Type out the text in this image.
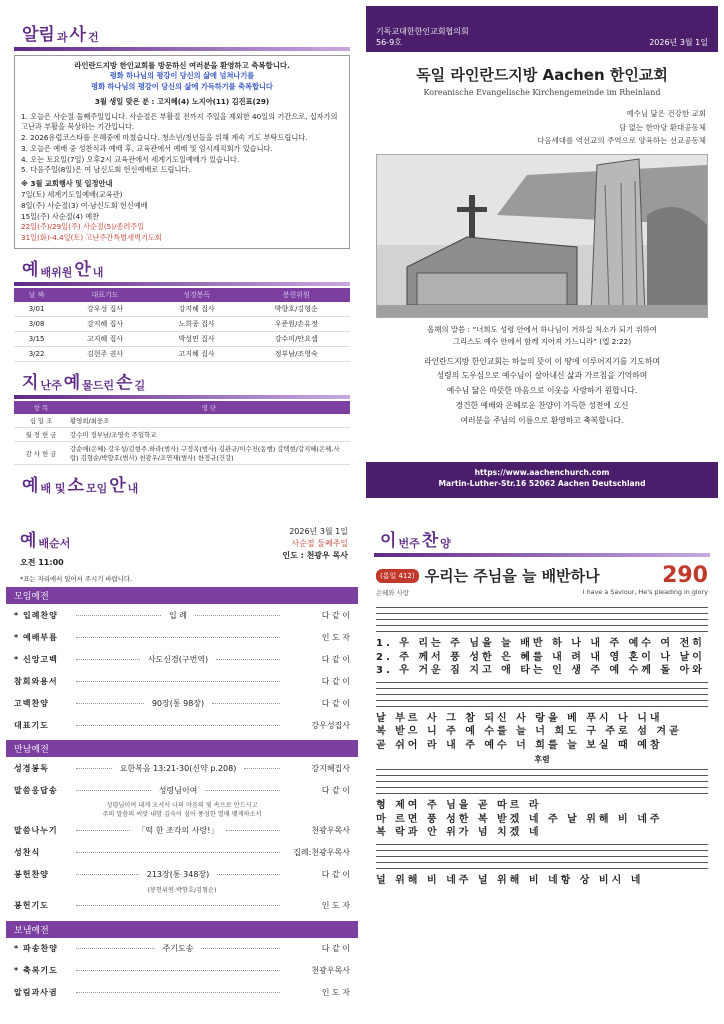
알림 과 사 건
라인란드지방 한인교회를 방문하신 여러분을 환영하고 축복합니다.
평화 하나님의 평강이 당신의 삶에 넘쳐나기를
평화 하나님의 평강이 당신의 삶에 가득하기를 축복합니다
3월 생일 맞은 분 : 고지혜(4) 노지아(11) 김진표(29)
1. 오늘은 사순절 둘째주일입니다. 사순절은 부활절 전까지 주일을 제외한 40일의 기간으로, 십자가의 고난과 부활을 묵상하는 기간입니다.
2. 2026유럽코스타를 은혜중에 마쳤습니다. 청소년/청년들을 위해 계속 기도 부탁드립니다.
3. 오늘은 예배 중 성찬식과 예배 후, 교육관에서 예배 및 임시제직회가 있습니다.
4. 오는 토요일(7일) 오후2시 교육관에서 세계기도일예배가 있습니다.
5. 다음주일(8일)은 여 남신도회 헌신예배로 드립니다.
※ 3월 교회행사 및 일정안내
7일(토) 세계기도일예배(교육관)
8일(주) 사순절(3) 여·남신도회 헌신예배
15일(주) 사순절(4) 예찬
22일(주)/29일(주) 사순절(5)/종려주일
31일(화)-4.4일(토) 고난주간특별새벽기도회
예 배위원 안 내
날 짜	대표기도	성경봉독	봉헌위원
3/01	강우성 집사	강지혜 집사	박향호/김형순
3/08	강지혜 집사	노희종 집사	우준원/손유정
3/15	고지혜 집사	박성민 집사	강수미/안요셉
3/22	김현주 권사	고지혜 집사	정부남/조영숙
지 난주 예 물드린 손 길
항 목	명 단
십 일 조	황영희/최웅조
월 정 헌 금	강수미 정부남/조영숙 주일학교
감 사 헌 금	강순애(은혜) 강우성/김현주.하라(범사) 구정옥(범사) 김관규/이수진(동행) 강택현/강지혜(은혜,사랑) 김형순/박향호(범사) 천광우/조연재(범사) 한정규(건강)
예 배 및 소 모임 안 내

기독교대한한인교회협의회
56-9호	2026년 3월 1일
독일 라인란드지방 Aachen 한인교회
Koreanische Evangelische Kirchengemeinde im Rheinland
예수님 닮은 건강한 교회
담 없는 한마당 환대공동체
다음세대를 역선교의 주역으로 양육하는 선교공동체
올해의 말씀 : “너희도 성령 안에서 하나님이 거하실 처소가 되기 위하여
그리스도 예수 안에서 함께 지어져 가느니라” (엡 2:22)
라인란드지방 한인교회는 하늘의 뜻이 이 땅에 이루어지기를 기도하며
성령의 도우심으로 예수님이 살아내신 삶과 가르침을 기억하며
예수님 닮은 따뜻한 마음으로 이웃을 사랑하기 원합니다.
경건한 예배와 은혜로운 찬양이 가득한 성전에 오신
여러분을 주님의 이름으로 환영하고 축복합니다.
https://www.aachenchurch.com
Martin-Luther-Str.16 52062 Aachen Deutschland
예 배순서
오전 11:00
2026년 3월 1일
사순절 둘째주일
인도 : 천광우 목사
*표는 자리에서 일어서 주시기 바랍니다.
모임예전
* 입례찬양	입 례	다 같 이
* 예배부름	인 도 자
* 신앙고백	사도신경(구번역)	다 같 이
참회와용서	다 같 이
고백찬양	90장(통 98장)	다 같 이
대표기도	강우성집사
만남예전
성경봉독	요한복음 13:21-30(신약 p.208)	강지혜집사
말씀응답송	성령님이여	다 같 이
성령님이여 내게 오셔서 나의 마음의 빛 속으로 만드시고
주의 말씀의 씨앗 내맘 깊숙이 심어 풍성한 열매 맺게하소서
말씀나누기	「떡 한 조각의 사랑!」	천광우목사
성찬식	집례:천광우목사
봉헌찬양	213장(통 348장)	다 같 이
(봉헌위원:박향호/김형순)
봉헌기도	인 도 자
보냄예전
* 파송찬양	주기도송	다 같 이
* 축복기도	천광우목사
알림과사귐	인 도 자
이 번주 찬 양
(롬일 412) 우리는 주님을 늘 배반하나	290
은혜와 사랑	I have a Saviour, He's pleading in glory
1. 우 리는 주 님을 늘 배반 하 나 내 주 예수 여 전히
2. 주 께서 풍 성한 은 혜를 내 려 내 영 혼이 나 날이
3. 우 거운 짐 지고 애 타는 인 생 주 예 수께 돌 아와
날 부르 사 그 참 되신 사 랑을 베 푸시 나 니내
복 받으 니 주 예 수를 늘 너 희도 구 주로 섬 겨곧
곧 쉬어 라 내 주 예수 너 희를 늘 보실 때 예참
후렴
형 제여 주 님을 곧 따르 라
마 르면 풍 성한 복 받겠 네 주 날 위해 비 네주
복 락과 안 위가 넘 치겠 네
널 위해 비 네주 널 위해 비 네항 상 비시 네
